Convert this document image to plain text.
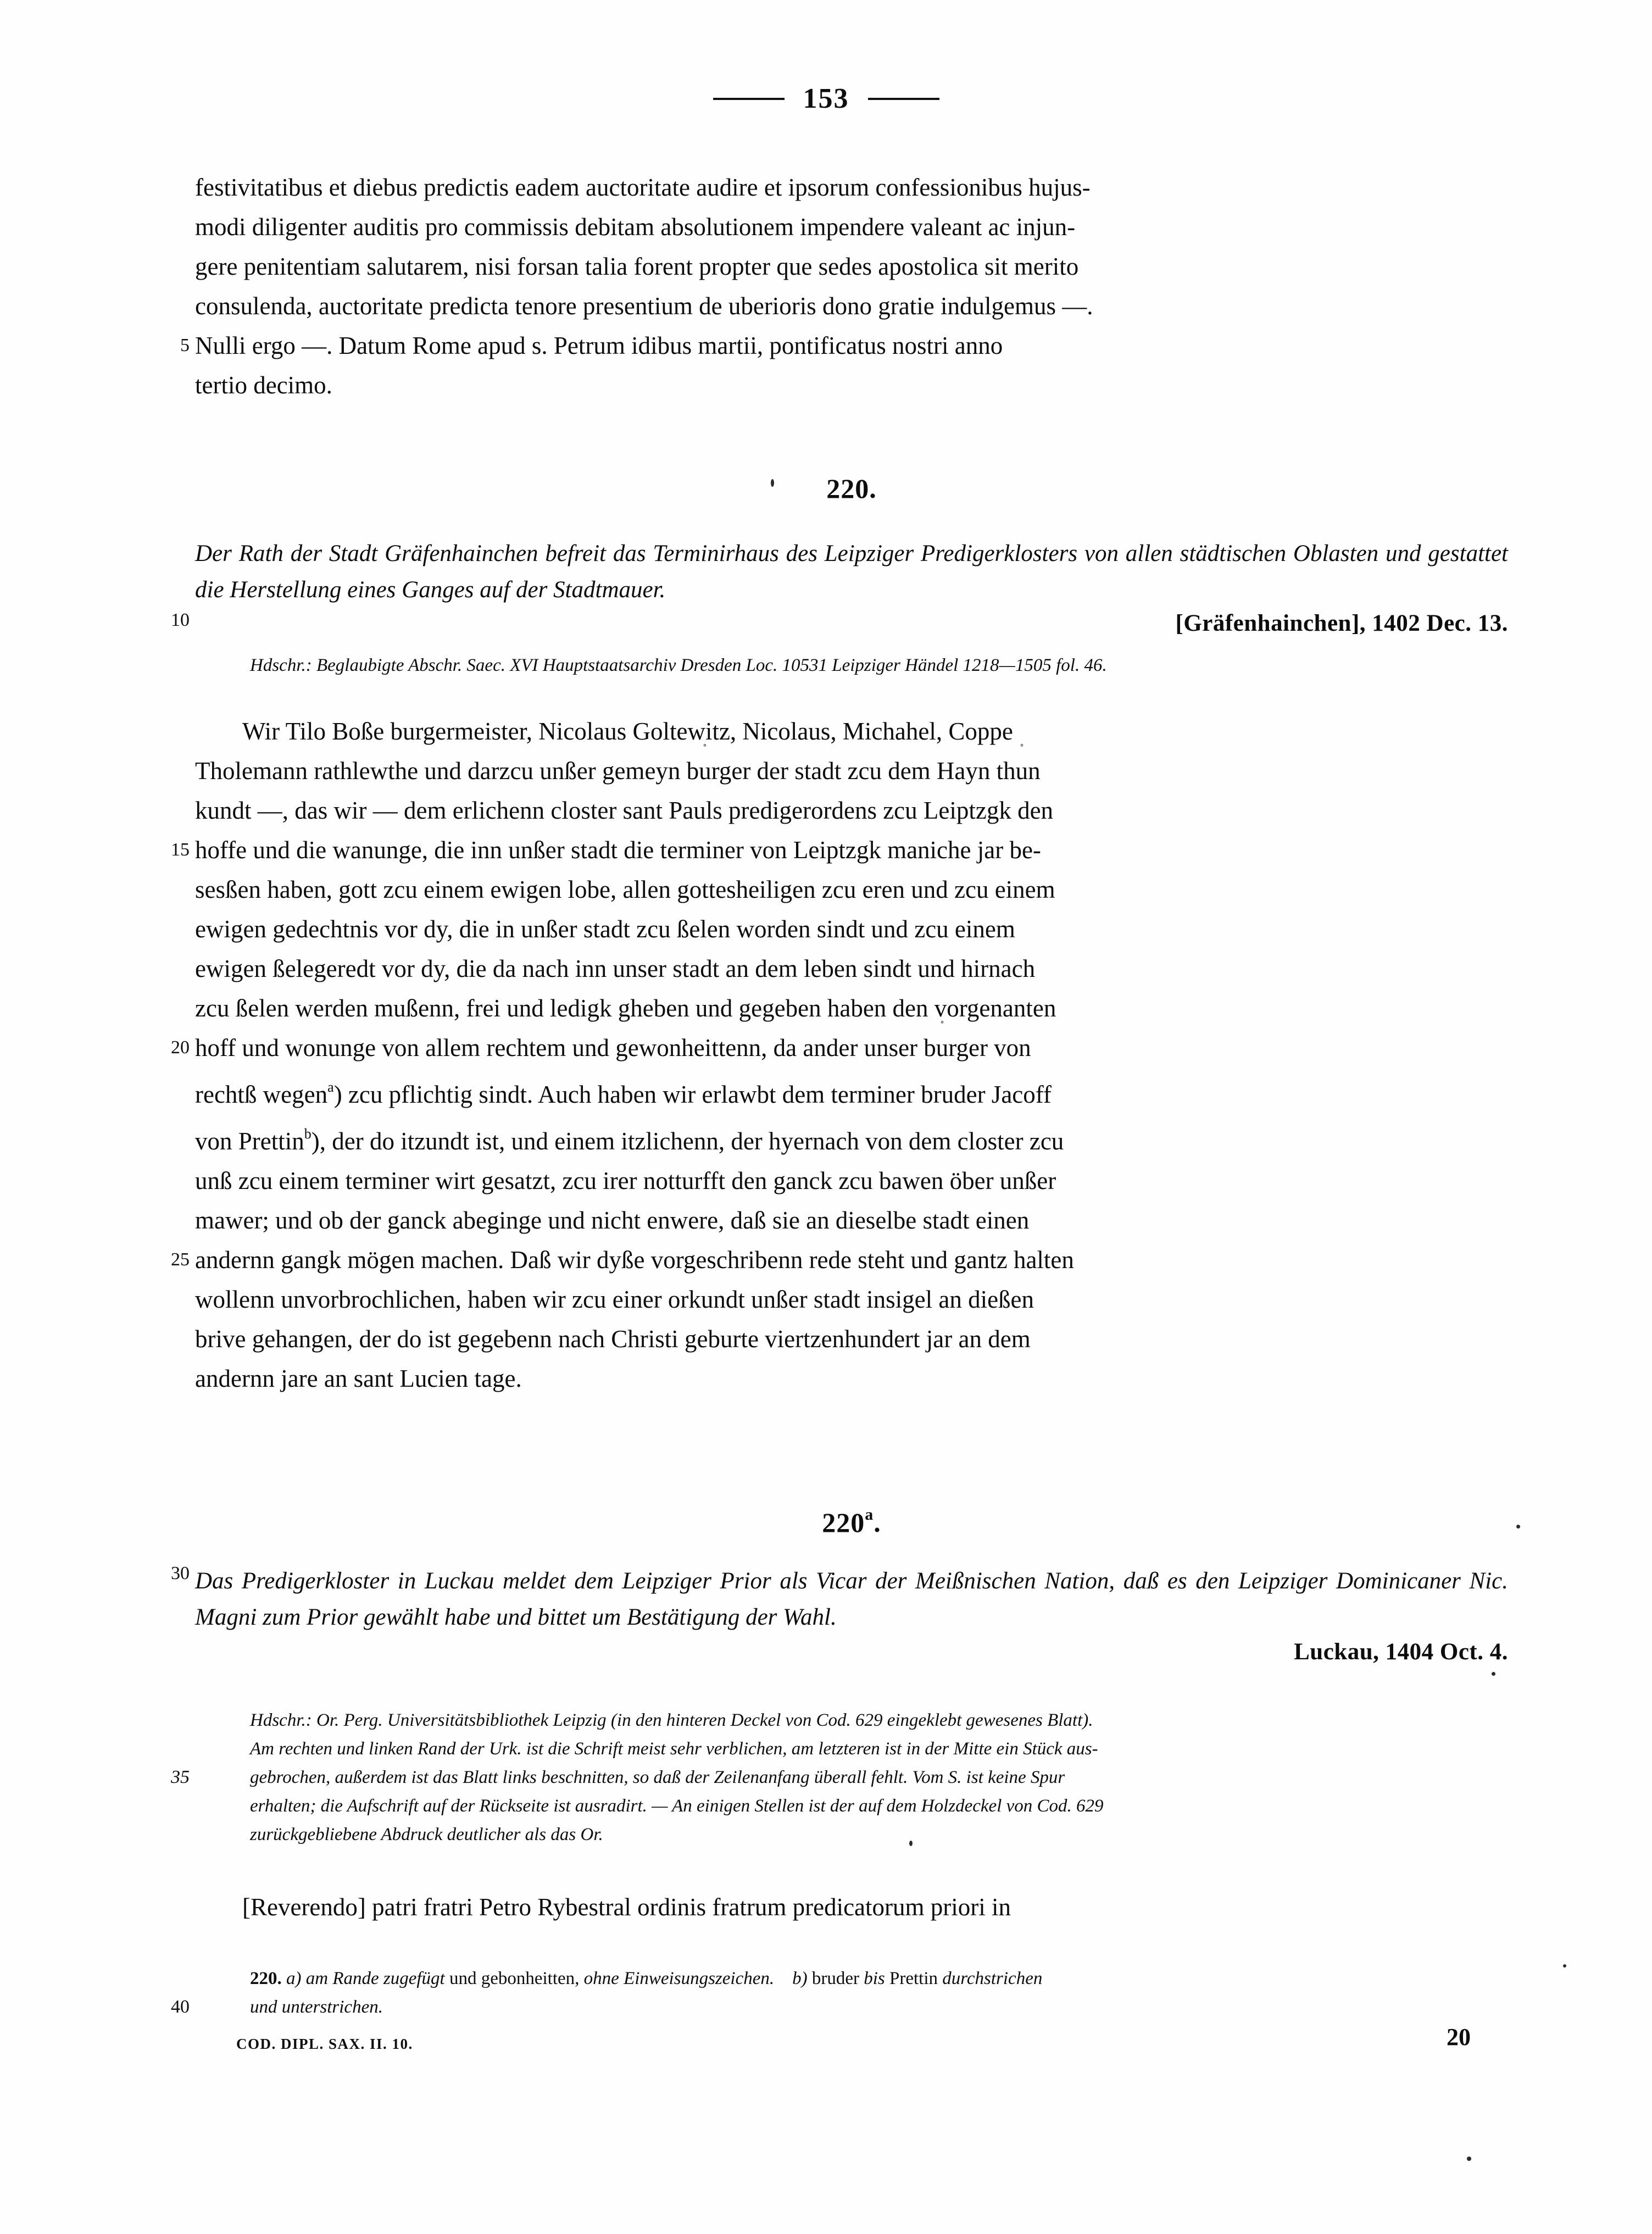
153
festivitatibus et diebus predictis eadem auctoritate audire et ipsorum confessionibus hujus-
modi diligenter auditis pro commissis debitam absolutionem impendere valeant ac injun-
gere penitentiam salutarem, nisi forsan talia forent propter que sedes apostolica sit merito
consulenda, auctoritate predicta tenore presentium de uberioris dono gratie indulgemus —.
5 Nulli ergo —. Datum Rome apud s. Petrum idibus martii, pontificatus nostri anno
tertio decimo.
220.
Der Rath der Stadt Gräfenhainchen befreit das Terminirhaus des Leipziger Predigerklosters von allen städtischen Oblasten und gestattet die Herstellung eines Ganges auf der Stadtmauer.
10	[Gräfenhainchen], 1402 Dec. 13.
Hdschr.: Beglaubigte Abschr. Saec. XVI Hauptstaatsarchiv Dresden Loc. 10531 Leipziger Händel 1218—1505 fol. 46.
Wir Tilo Boße burgermeister, Nicolaus Goltewitz, Nicolaus, Michahel, Coppe
Tholemann rathlewthe und darzcu unßer gemeyn bu ˚rger der stadt zcu dem Hayn thu ˚n
kundt —, das wir — dem erlichenn closter sant Pauls predigerordens zcu Leiptzgk den
15 hoffe und die wanunge, die inn unßer stadt die terminer von Leiptzgk maniche jar be-
sesßen haben, gott zcu einem ewigen lobe, allen gottesheiligen zcu eren und zcu einem
ewigen gedechtnis vor dy, die in unßer stadt zcu ßelen worden sindt und zcu einem
ewigen ßelegeredt vor dy, die da nach inn unser stadt an dem leben sindt und hirnach
zcu ßelen werden mußenn, frei und ledigk gheben und gegeben haben den vorgenanten
20 hoff und wonunge von allem rechtem und gewonheittenn, da ander unser bu ˚rger von
rechtß wegen$^a$) zcu pflichtig sindt. Auch haben wir erlawbt dem terminer bruder Jacoff
von Prettin$^b$), der do itzundt ist, und einem itzlichenn, der hyernach von dem closter zcu
unß zcu einem terminer wirt gesatzt, zcu irer notturfft den ganck zcu bawen öber unßer
mawer; und ob der ganck abeginge und nicht enwere, daß sie an dieselbe stadt einen
25 andernn gangk mögen machen. Daß wir dyße vorgeschribenn rede steht und gantz halten
wollenn unvorbrochlichen, haben wir zcu einer orkundt unßer stadt insigel an dießen
brive gehangen, der do ist gegebenn nach Christi geburte viertzenhundert jar an dem
andernn jare an sant Lucien tage.
220$^a$.
30 Das Predigerkloster in Luckau meldet dem Leipziger Prior als Vicar der Meißnischen Nation, daß es den Leipziger Dominicaner Nic. Magni zum Prior gewählt habe und bittet um Bestätigung der Wahl.
Luckau, 1404 Oct. 4.
Hdschr.: Or. Perg. Universitätsbibliothek Leipzig (in den hinteren Deckel von Cod. 629 eingeklebt gewesenes Blatt).
Am rechten und linken Rand der Urk. ist die Schrift meist sehr verblichen, am letzteren ist in der Mitte ein Stück aus-
35	gebrochen, außerdem ist das Blatt links beschnitten, so daß der Zeilenanfang überall fehlt. Vom S. ist keine Spur
erhalten; die Aufschrift auf der Rückseite ist ausradirt. — An einigen Stellen ist der auf dem Holzdeckel von Cod. 629
zurückgebliebene Abdruck deutlicher als das Or.
[Reverendo] patri fratri Petro Rybestral ordinis fratrum predicatorum priori in
220. a) am Rande zugefügt und gebonheitten, ohne Einweisungszeichen. b) bruder bis Prettin durchstrichen
40	und unterstrichen.
COD. DIPL. SAX. II. 10.	20
